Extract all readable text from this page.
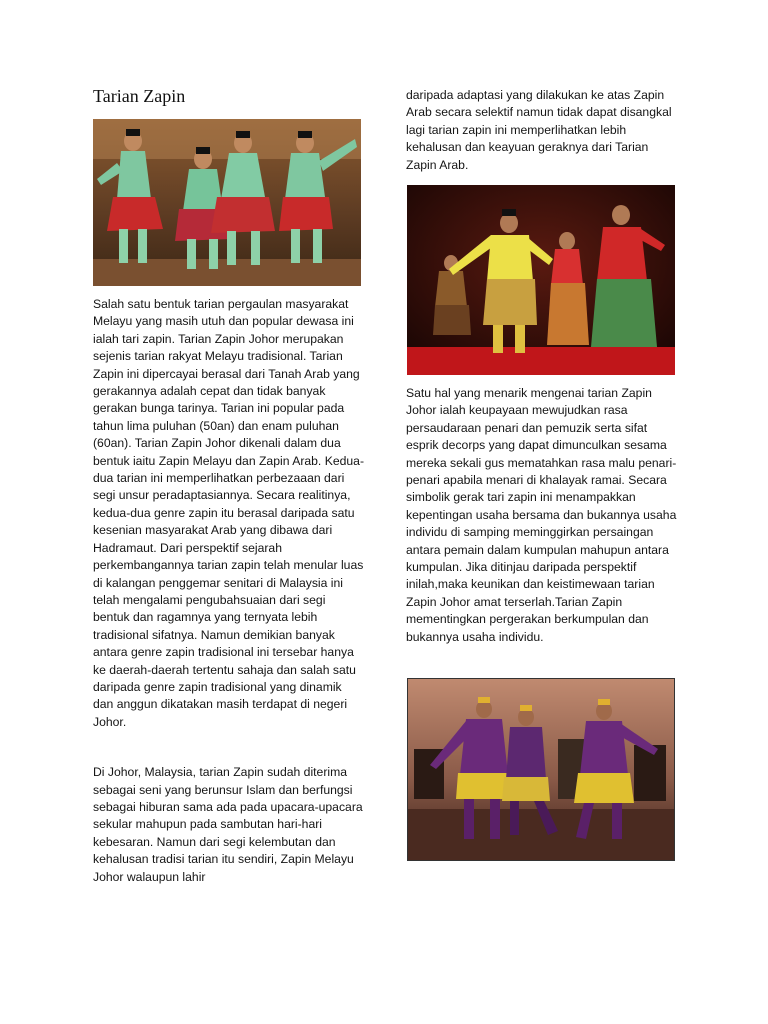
Tarian Zapin

Salah satu bentuk tarian pergaulan masyarakat Melayu yang masih utuh dan popular dewasa ini ialah tari zapin. Tarian Zapin Johor merupakan sejenis tarian rakyat Melayu tradisional. Tarian Zapin ini dipercayai berasal dari Tanah Arab yang gerakannya adalah cepat dan tidak banyak gerakan bunga tarinya. Tarian ini popular pada tahun lima puluhan (50an) dan enam puluhan (60an). Tarian Zapin Johor dikenali dalam dua bentuk iaitu Zapin Melayu dan Zapin Arab. Kedua-dua tarian ini memperlihatkan perbezaaan dari segi unsur peradaptasiannya. Secara realitinya, kedua-dua genre zapin itu berasal daripada satu kesenian masyarakat Arab yang dibawa dari Hadramaut. Dari perspektif sejarah perkembangannya tarian zapin telah menular luas di kalangan penggemar senitari di Malaysia ini telah mengalami pengubahsuaian dari segi bentuk dan ragamnya yang ternyata lebih tradisional sifatnya. Namun demikian banyak antara genre zapin tradisional ini tersebar hanya ke daerah-daerah tertentu sahaja dan salah satu daripada genre zapin tradisional yang dinamik dan anggun dikatakan masih terdapat di negeri Johor.

Di Johor, Malaysia, tarian Zapin sudah diterima sebagai seni yang berunsur Islam dan berfungsi sebagai hiburan sama ada pada upacara-upacara sekular mahupun pada sambutan hari-hari kebesaran. Namun dari segi kelembutan dan kehalusan tradisi tarian itu sendiri, Zapin Melayu Johor walaupun lahir

daripada adaptasi yang dilakukan ke atas Zapin Arab secara selektif namun tidak dapat disangkal lagi tarian zapin ini memperlihatkan lebih kehalusan dan keayuan geraknya dari Tarian Zapin Arab.

Satu hal yang menarik mengenai tarian Zapin Johor ialah keupayaan mewujudkan rasa persaudaraan penari dan pemuzik serta sifat esprik decorps yang dapat dimunculkan sesama mereka sekali gus mematahkan rasa malu penari-penari apabila menari di khalayak ramai. Secara simbolik gerak tari zapin ini menampakkan kepentingan usaha bersama dan bukannya usaha individu di samping meminggirkan persaingan antara pemain dalam kumpulan mahupun antara kumpulan. Jika ditinjau daripada perspektif inilah,maka keunikan dan keistimewaan tarian Zapin Johor amat terserlah.Tarian Zapin mementingkan pergerakan berkumpulan dan bukannya usaha individu.
